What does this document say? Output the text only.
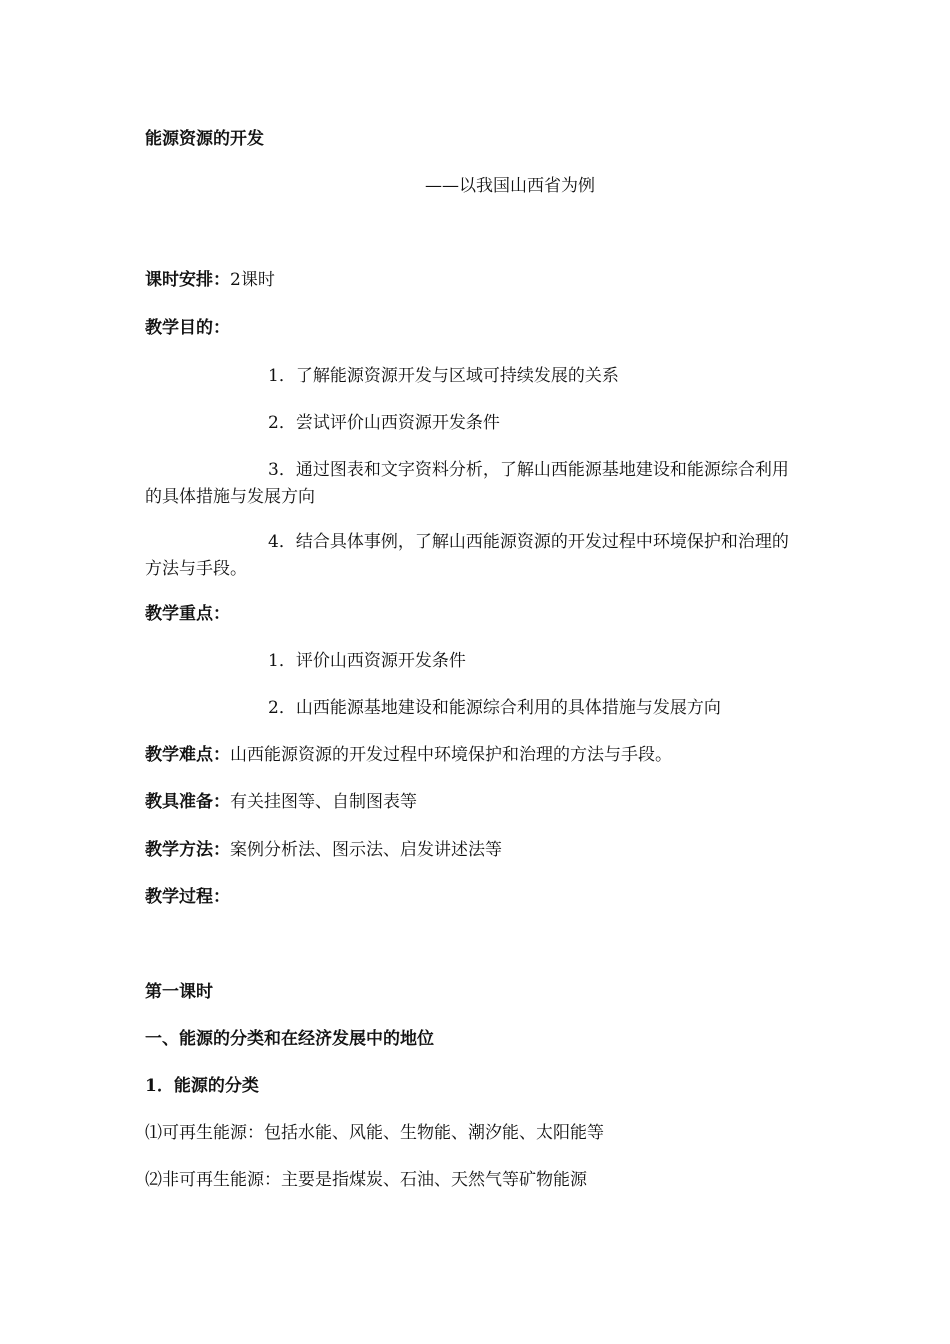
能源资源的开发
——以我国山西省为例
课时安排：2课时
教学目的：
1．了解能源资源开发与区域可持续发展的关系
2．尝试评价山西资源开发条件
3．通过图表和文字资料分析，了解山西能源基地建设和能源综合利用的具体措施与发展方向
4．结合具体事例，了解山西能源资源的开发过程中环境保护和治理的方法与手段。
教学重点：
1．评价山西资源开发条件
2．山西能源基地建设和能源综合利用的具体措施与发展方向
教学难点：山西能源资源的开发过程中环境保护和治理的方法与手段。
教具准备：有关挂图等、自制图表等
教学方法：案例分析法、图示法、启发讲述法等
教学过程：
第一课时
一、能源的分类和在经济发展中的地位
1．能源的分类
⑴可再生能源：包括水能、风能、生物能、潮汐能、太阳能等
⑵非可再生能源：主要是指煤炭、石油、天然气等矿物能源
